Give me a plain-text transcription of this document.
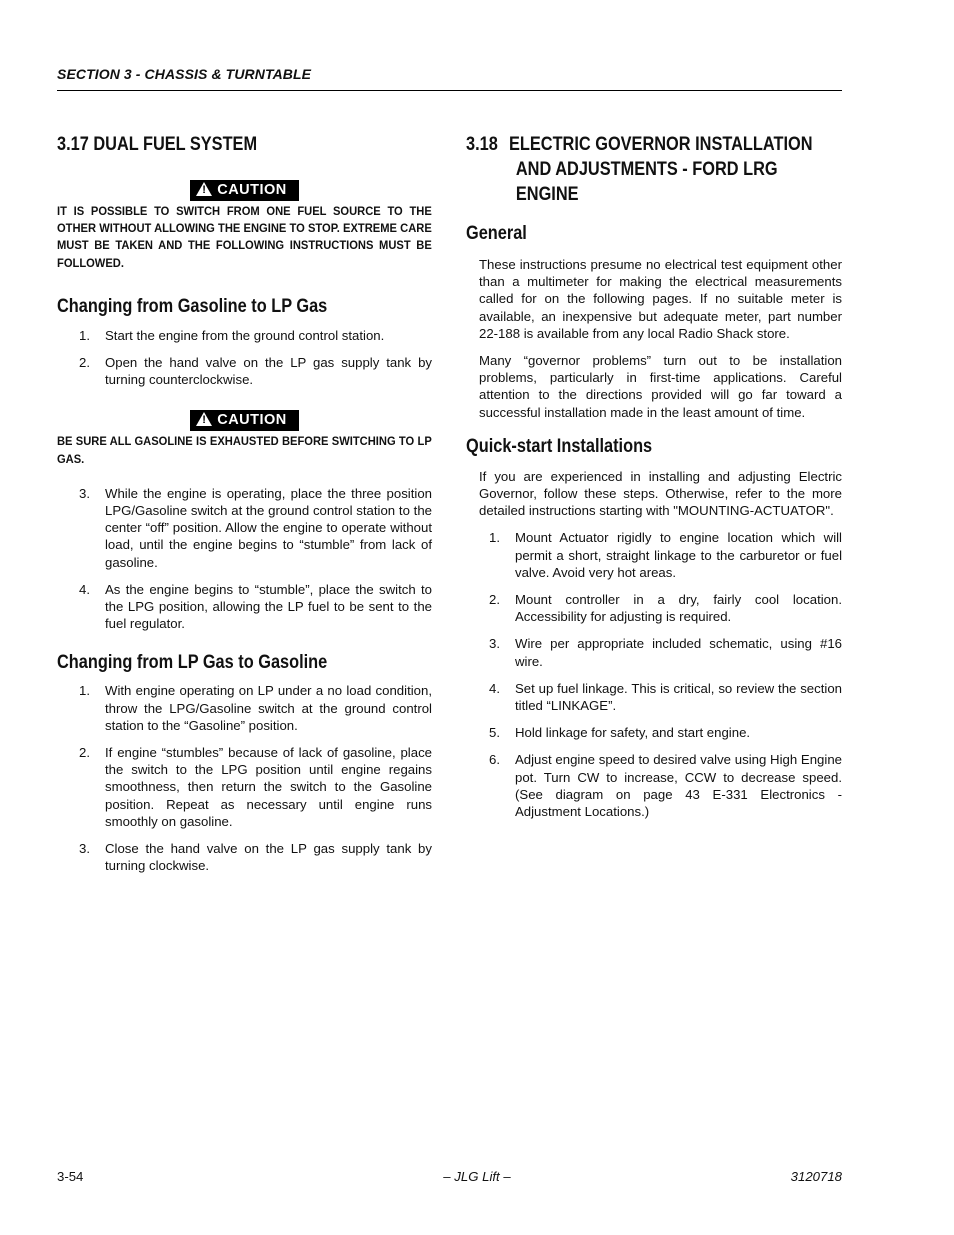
SECTION 3 - CHASSIS & TURNTABLE
3.17 DUAL FUEL SYSTEM
! CAUTION

IT IS POSSIBLE TO SWITCH FROM ONE FUEL SOURCE TO THE OTHER WITHOUT ALLOWING THE ENGINE TO STOP. EXTREME CARE MUST BE TAKEN AND THE FOLLOWING INSTRUCTIONS MUST BE FOLLOWED.

Changing from Gasoline to LP Gas
1.	Start the engine from the ground control station.
2.	Open the hand valve on the LP gas supply tank by turning counterclockwise.
! CAUTION

BE SURE ALL GASOLINE IS EXHAUSTED BEFORE SWITCHING TO LP GAS.

3.	While the engine is operating, place the three position LPG/Gasoline switch at the ground control station to the center “off” position. Allow the engine to operate without load, until the engine begins to “stumble” from lack of gasoline.
4.	As the engine begins to “stumble”, place the switch to the LPG position, allowing the LP fuel to be sent to the fuel regulator.
Changing from LP Gas to Gasoline
1.	With engine operating on LP under a no load condition, throw the LPG/Gasoline switch at the ground control station to the “Gasoline” position.
2.	If engine “stumbles” because of lack of gasoline, place the switch to the LPG position until engine regains smoothness, then return the switch to the Gasoline position. Repeat as necessary until engine runs smoothly on gasoline.
3.	Close the hand valve on the LP gas supply tank by turning clockwise.
3.18 ELECTRIC GOVERNOR INSTALLATION
AND ADJUSTMENTS - FORD LRG
ENGINE
General

These instructions presume no electrical test equipment other than a multimeter for making the electrical measurements called for on the following pages. If no suitable meter is available, an inexpensive but adequate meter, part number 22-188 is available from any local Radio Shack store.

Many “governor problems” turn out to be installation problems, particularly in first-time applications. Careful attention to the directions provided will go far toward a successful installation made in the least amount of time.

Quick-start Installations

If you are experienced in installing and adjusting Electric Governor, follow these steps. Otherwise, refer to the more detailed instructions starting with "MOUNTING-ACTUATOR".

1.	Mount Actuator rigidly to engine location which will permit a short, straight linkage to the carburetor or fuel valve. Avoid very hot areas.
2.	Mount controller in a dry, fairly cool location. Accessibility for adjusting is required.
3.	Wire per appropriate included schematic, using #16 wire.
4.	Set up fuel linkage. This is critical, so review the section titled “LINKAGE”.
5.	Hold linkage for safety, and start engine.
6.	Adjust engine speed to desired valve using High Engine pot. Turn CW to increase, CCW to decrease speed. (See diagram on page 43 E-331 Electronics - Adjustment Locations.)
3-54	– JLG Lift –	3120718
